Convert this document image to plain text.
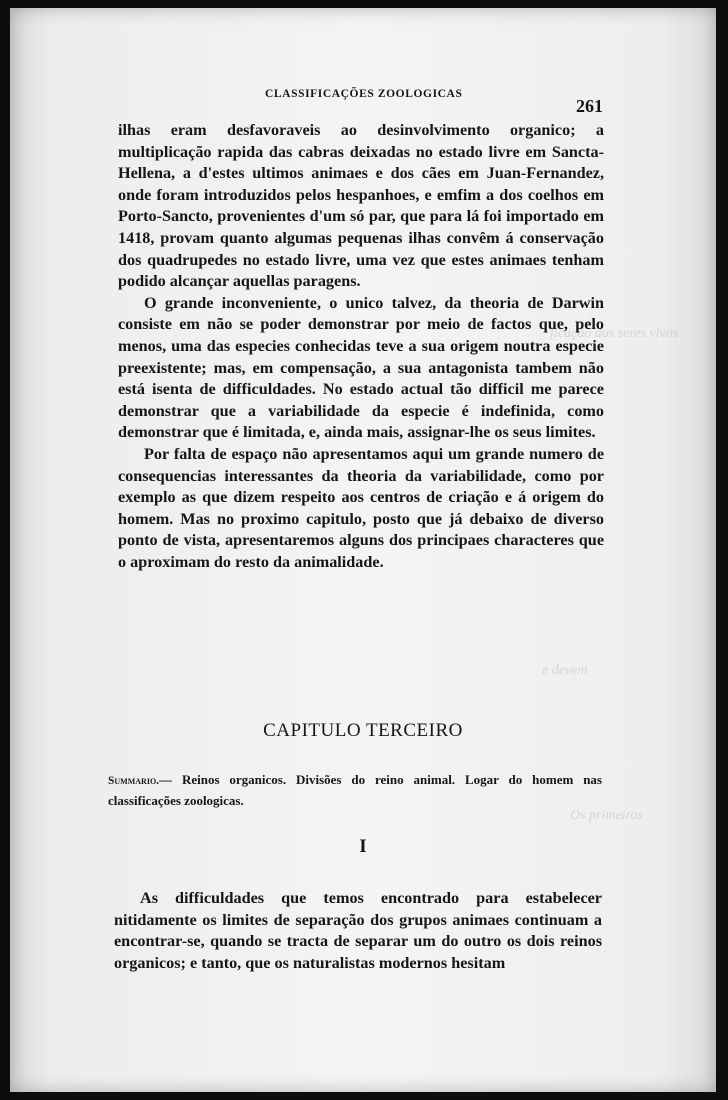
ficação dos seres vivos
e devem
Os primeiros
CLASSIFICAÇÕES ZOOLOGICAS
261

ilhas eram desfavoraveis ao desinvolvimento organico; a multiplicação rapida das cabras deixadas no estado livre em Sancta-Hellena, a d'estes ultimos animaes e dos cães em Juan-Fernandez, onde foram introduzidos pelos hespanhoes, e emfim a dos coelhos em Porto-Sancto, provenientes d'um só par, que para lá foi importado em 1418, provam quanto algumas pequenas ilhas convêm á conservação dos quadrupedes no estado livre, uma vez que estes animaes tenham podido alcançar aquellas paragens.

O grande inconveniente, o unico talvez, da theoria de Darwin consiste em não se poder demonstrar por meio de factos que, pelo menos, uma das especies conhecidas teve a sua origem noutra especie preexistente; mas, em compensação, a sua antagonista tambem não está isenta de difficuldades. No estado actual tão difficil me parece demonstrar que a variabilidade da especie é indefinida, como demonstrar que é limitada, e, ainda mais, assignar-lhe os seus limites.

Por falta de espaço não apresentamos aqui um grande numero de consequencias interessantes da theoria da variabilidade, como por exemplo as que dizem respeito aos centros de criação e á origem do homem. Mas no proximo capitulo, posto que já debaixo de diverso ponto de vista, apresentaremos alguns dos principaes characteres que o aproximam do resto da animalidade.

CAPITULO TERCEIRO
Summario.— Reinos organicos. Divisões do reino animal. Logar do homem nas classificações zoologicas.
I

As difficuldades que temos encontrado para estabelecer nitidamente os limites de separação dos grupos animaes continuam a encontrar-se, quando se tracta de separar um do outro os dois reinos organicos; e tanto, que os naturalistas modernos hesitam
